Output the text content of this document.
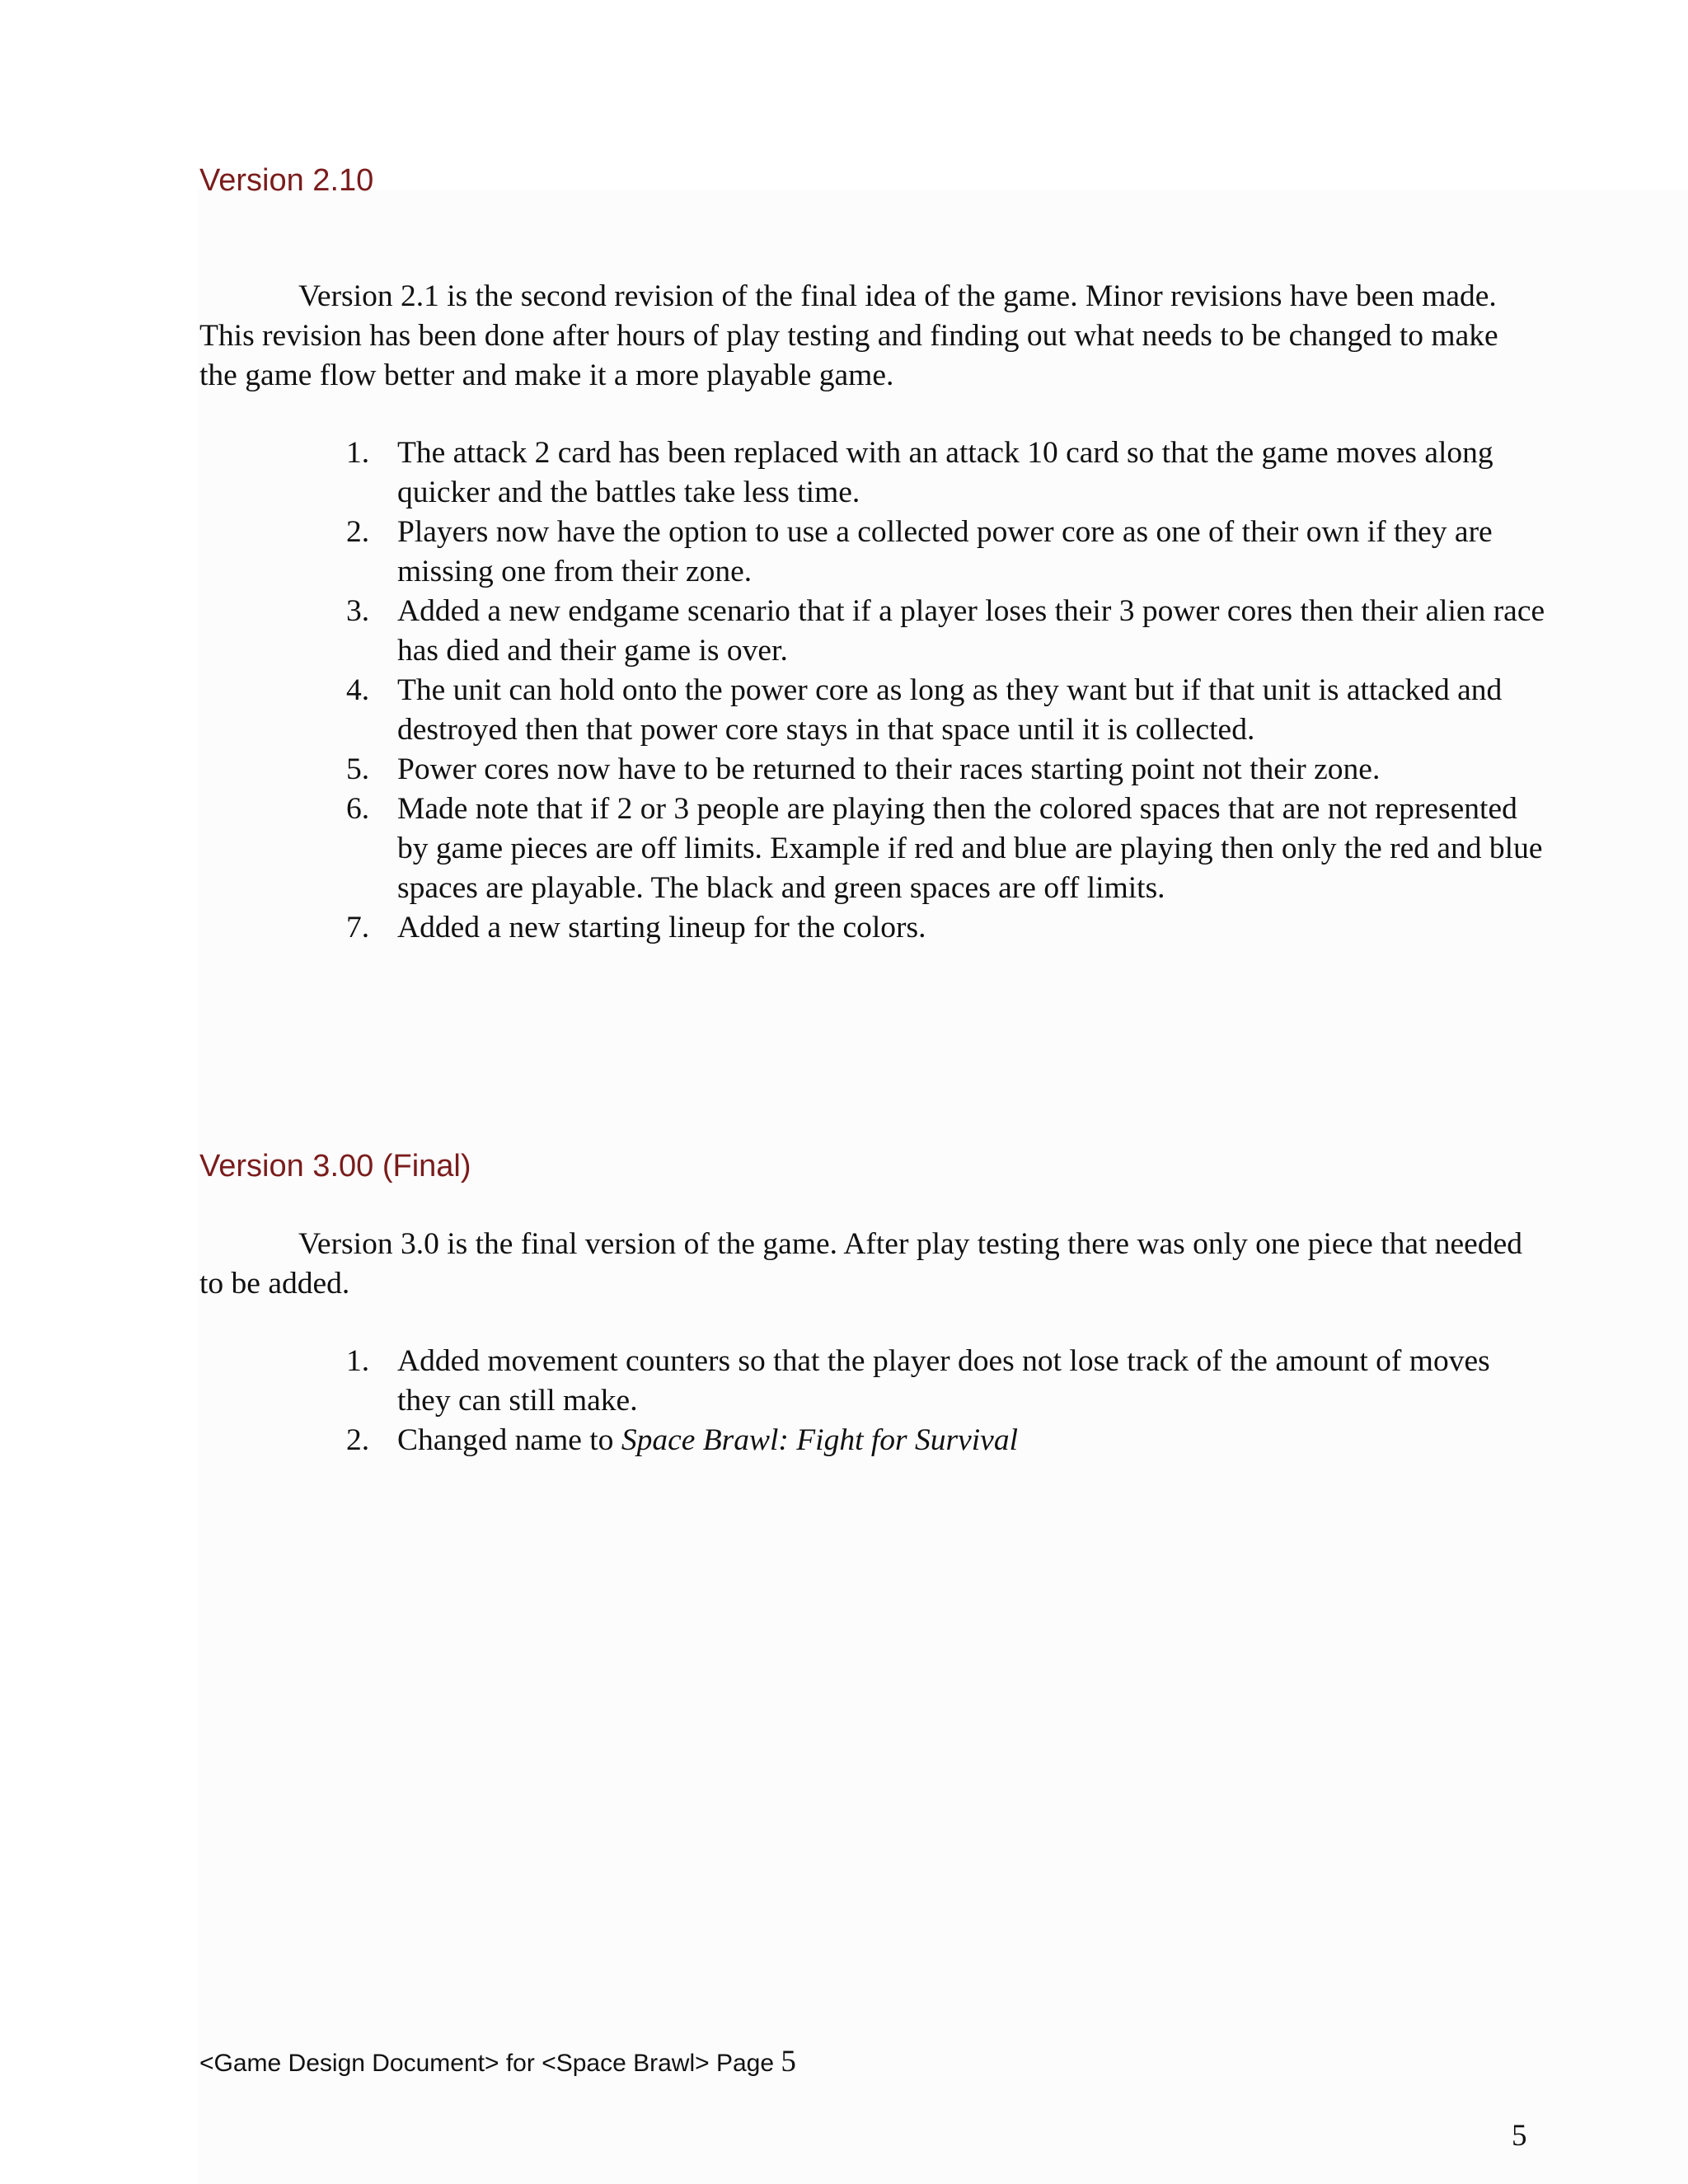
Version 2.10

Version 2.1 is the second revision of the final idea of the game. Minor revisions have been made. This revision has been done after hours of play testing and finding out what needs to be changed to make the game flow better and make it a more playable game.

1. The attack 2 card has been replaced with an attack 10 card so that the game moves along quicker and the battles take less time.
2. Players now have the option to use a collected power core as one of their own if they are missing one from their zone.
3. Added a new endgame scenario that if a player loses their 3 power cores then their alien race has died and their game is over.
4. The unit can hold onto the power core as long as they want but if that unit is attacked and destroyed then that power core stays in that space until it is collected.
5. Power cores now have to be returned to their races starting point not their zone.
6. Made note that if 2 or 3 people are playing then the colored spaces that are not represented by game pieces are off limits. Example if red and blue are playing then only the red and blue spaces are playable. The black and green spaces are off limits.
7. Added a new starting lineup for the colors.
Version 3.00 (Final)

Version 3.0 is the final version of the game. After play testing there was only one piece that needed to be added.

1. Added movement counters so that the player does not lose track of the amount of moves they can still make.
2. Changed name to Space Brawl: Fight for Survival
<Game Design Document> for <Space Brawl> Page 5
5
